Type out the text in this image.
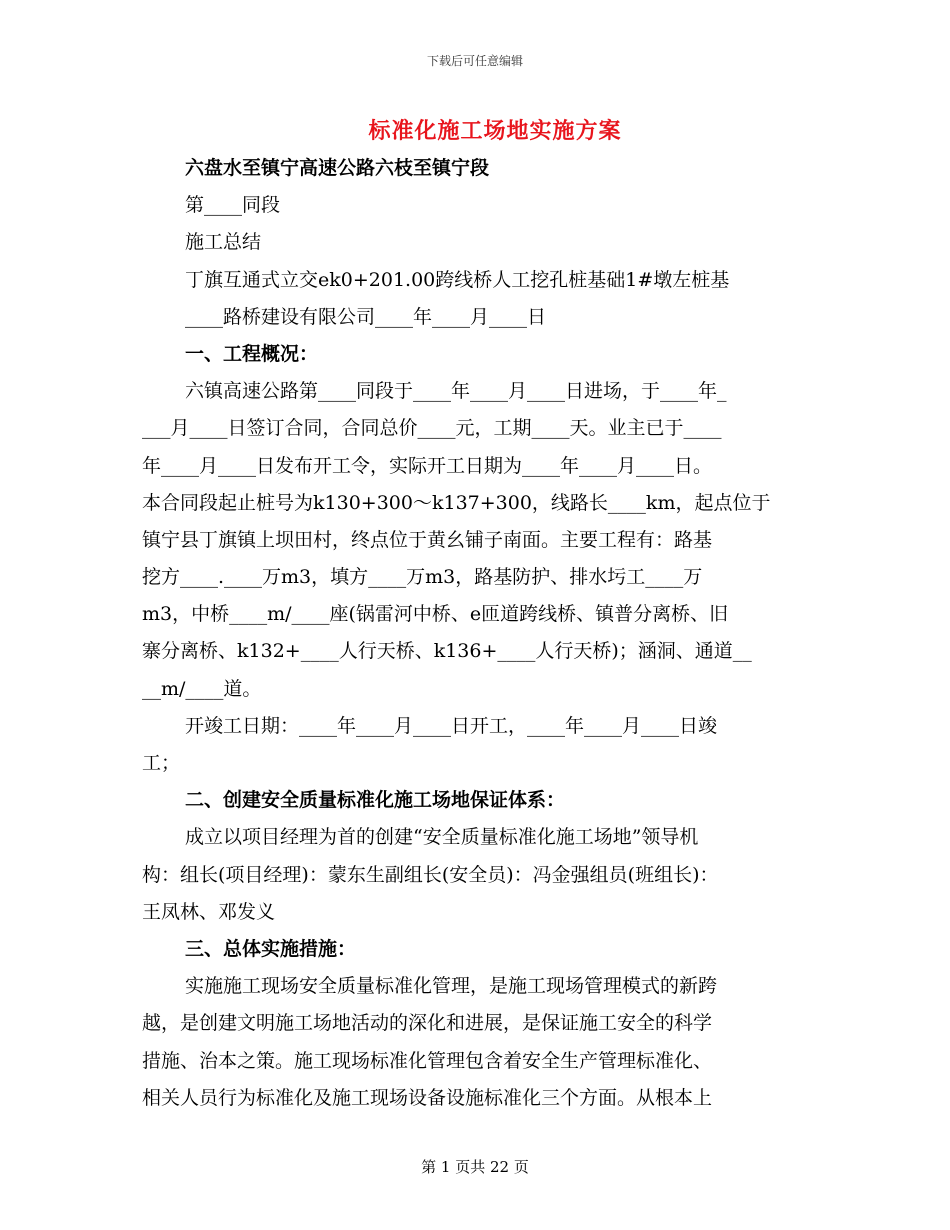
下载后可任意编辑
标准化施工场地实施方案
六盘水至镇宁高速公路六枝至镇宁段
第____同段
施工总结
丁旗互通式立交ek0+201.00跨线桥人工挖孔桩基础1#墩左桩基
____路桥建设有限公司____年____月____日
一、工程概况：
六镇高速公路第____同段于____年____月____日进场，于____年_
___月____日签订合同，合同总价____元，工期____天。业主已于____
年____月____日发布开工令，实际开工日期为____年____月____日。
本合同段起止桩号为k130+300～k137+300，线路长____km，起点位于
镇宁县丁旗镇上坝田村，终点位于黄幺铺子南面。主要工程有：路基
挖方____.____万m3，填方____万m3，路基防护、排水圬工____万
m3，中桥____m/____座(锅雷河中桥、e匝道跨线桥、镇普分离桥、旧
寨分离桥、k132+____人行天桥、k136+____人行天桥)；涵洞、通道__
__m/____道。
开竣工日期：____年____月____日开工，____年____月____日竣
工；
二、创建安全质量标准化施工场地保证体系：
成立以项目经理为首的创建“安全质量标准化施工场地”领导机
构：组长(项目经理)：蒙东生副组长(安全员)：冯金强组员(班组长)：
王凤林、邓发义
三、总体实施措施：
实施施工现场安全质量标准化管理，是施工现场管理模式的新跨
越，是创建文明施工场地活动的深化和进展，是保证施工安全的科学
措施、治本之策。施工现场标准化管理包含着安全生产管理标准化、
相关人员行为标准化及施工现场设备设施标准化三个方面。从根本上
第 1 页共 22 页
